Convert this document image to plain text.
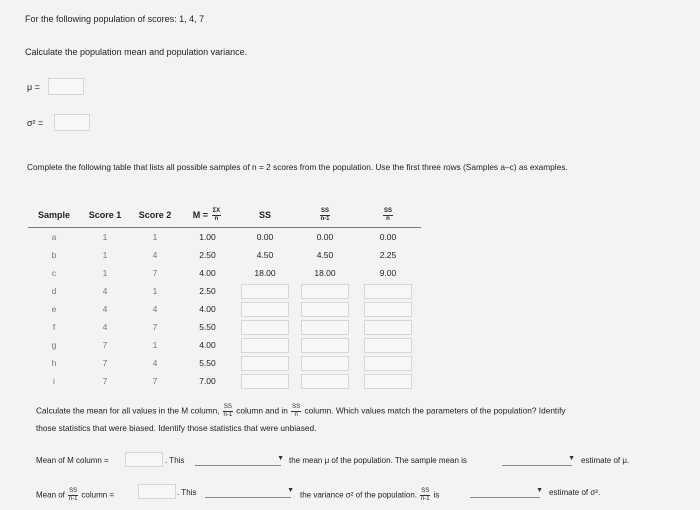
For the following population of scores: 1, 4, 7
Calculate the population mean and population variance.
μ =
σ² =
Complete the following table that lists all possible samples of n = 2 scores from the population. Use the first three rows (Samples a–c) as examples.
Sample	Score 1	Score 2	$M = \frac{\Sigma X}{n}$	SS	$\frac{SS}{n-1}$	$\frac{SS}{n}$

a	1	1	1.00	0.00	0.00	0.00
b	1	4	2.50	4.50	4.50	2.25
c	1	7	4.00	18.00	18.00	9.00
d	4	1	2.50			
e	4	4	4.00			
f	4	7	5.50			
g	7	1	4.00			
h	7	4	5.50			
i	7	7	7.00			
Calculate the mean for all values in the M column, $\frac{SS}{n-1}$ column and in $\frac{SS}{n}$ column. Which values match the parameters of the population? Identify
those statistics that were biased. Identify those statistics that were unbiased.
Mean of M column =	. This	▼ the mean μ of the population. The sample mean is	▼ estimate of μ.
Mean of $\frac{SS}{n-1}$ column =	. This	▼
the variance σ² of the population. $\frac{SS}{n-1}$ is
▼ estimate of σ².
